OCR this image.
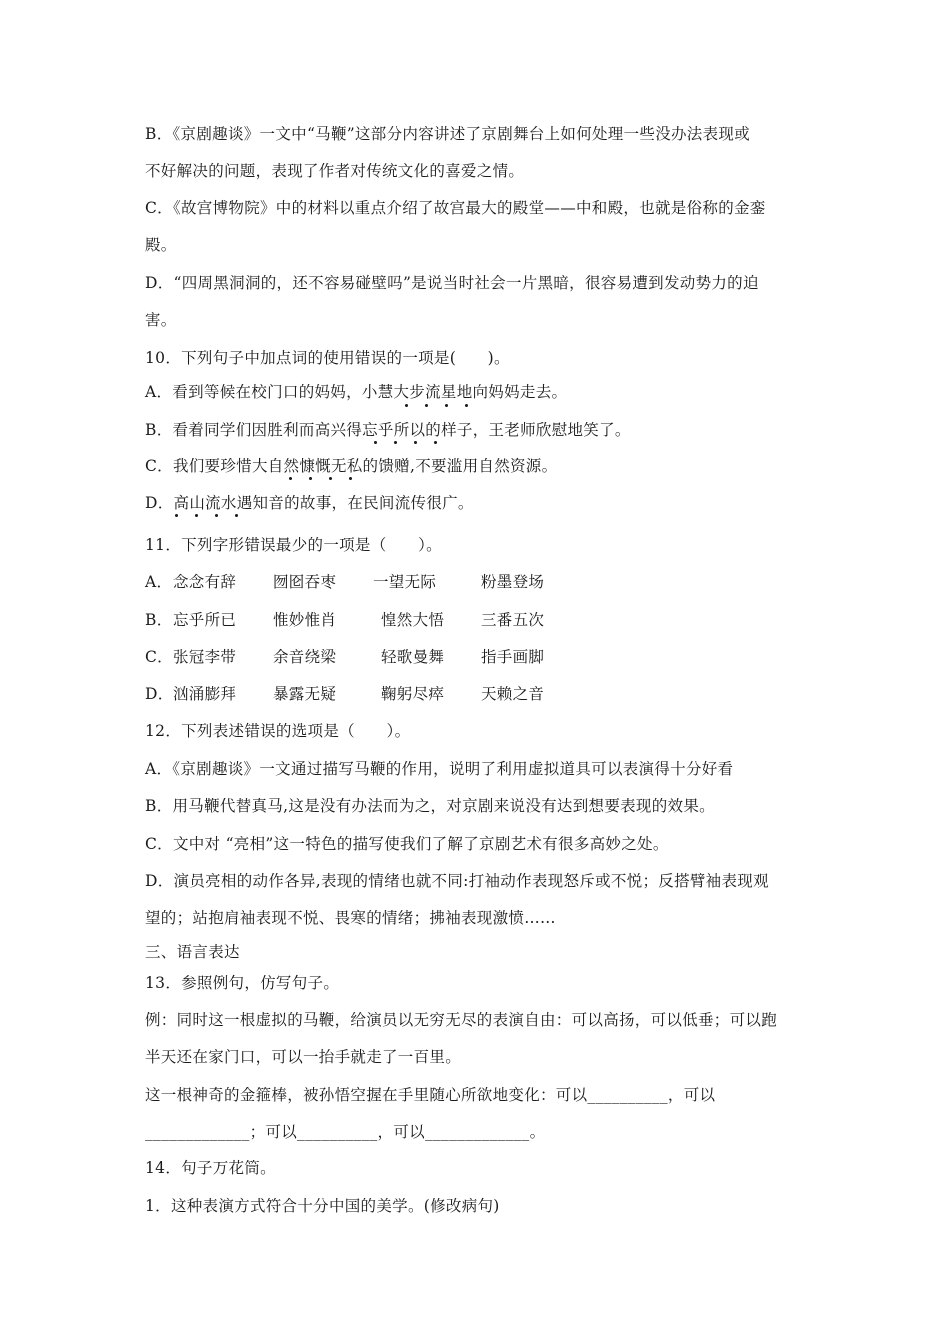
B．《京剧趣谈》一文中“马鞭”这部分内容讲述了京剧舞台上如何处理一些没办法表现或
不好解决的问题，表现了作者对传统文化的喜爱之情。
C．《故宫博物院》中的材料以重点介绍了故宫最大的殿堂——中和殿，也就是俗称的金銮
殿。
D．“四周黑洞洞的，还不容易碰壁吗”是说当时社会一片黑暗，很容易遭到发动势力的迫
害。
10．下列句子中加点词的使用错误的一项是(　　)。
A．看到等候在校门口的妈妈，小慧大步流星地向妈妈走去。
B．看着同学们因胜利而高兴得忘乎所以的样子，王老师欣慰地笑了。
C．我们要珍惜大自然慷慨无私的馈赠,不要滥用自然资源。
D．高山流水遇知音的故事，在民间流传很广。
11．下列字形错误最少的一项是（　　）。
A．念念有辞 囫囵吞枣 一望无际	粉墨登场
B．忘乎所已 惟妙惟肖	惶然大悟 三番五次
C．张冠李带 余音绕梁	轻歌曼舞 指手画脚
D．汹涌膨拜 暴露无疑	鞠躬尽瘁 天赖之音
12．下列表述错误的选项是（　　）。
A．《京剧趣谈》一文通过描写马鞭的作用，说明了利用虚拟道具可以表演得十分好看
B．用马鞭代替真马,这是没有办法而为之，对京剧来说没有达到想要表现的效果。
C．文中对 “亮相”这一特色的描写使我们了解了京剧艺术有很多高妙之处。
D．演员亮相的动作各异,表现的情绪也就不同:打袖动作表现怒斥或不悦；反搭臂袖表现观
望的；站抱肩袖表现不悦、畏寒的情绪；拂袖表现激愤……
三、语言表达
13．参照例句，仿写句子。
例：同时这一根虚拟的马鞭，给演员以无穷无尽的表演自由：可以高扬，可以低垂；可以跑
半天还在家门口，可以一抬手就走了一百里。
这一根神奇的金箍棒，被孙悟空握在手里随心所欲地变化：可以__________，可以
_____________；可以__________，可以_____________。
14．句子万花筒。
1．这种表演方式符合十分中国的美学。(修改病句)
